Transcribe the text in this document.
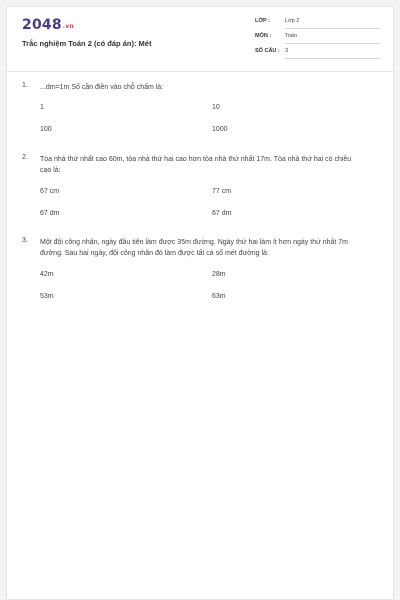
2048.vn
Trắc nghiệm Toán 2 (có đáp án): Mét
LỚP :	Lớp 2
MÔN :	Toán
SỐ CÂU : 3
1. ...dm=1m Số cần điền vào chỗ chấm là:
1	10
100	1000
2. Tòa nhà thứ nhất cao 60m, tòa nhà thứ hai cao hơn tòa nhà thứ nhất 17m. Tòa nhà thứ hai có chiều cao là:
67 cm	77 cm
67 dm	67 dm
3. Một đội công nhân, ngày đầu tiên làm được 35m đường. Ngày thứ hai làm ít hơn ngày thứ nhất 7m đường. Sau hai ngày, đội công nhân đó làm được tất cả số mét đường là:
42m	28m
53m	63m
